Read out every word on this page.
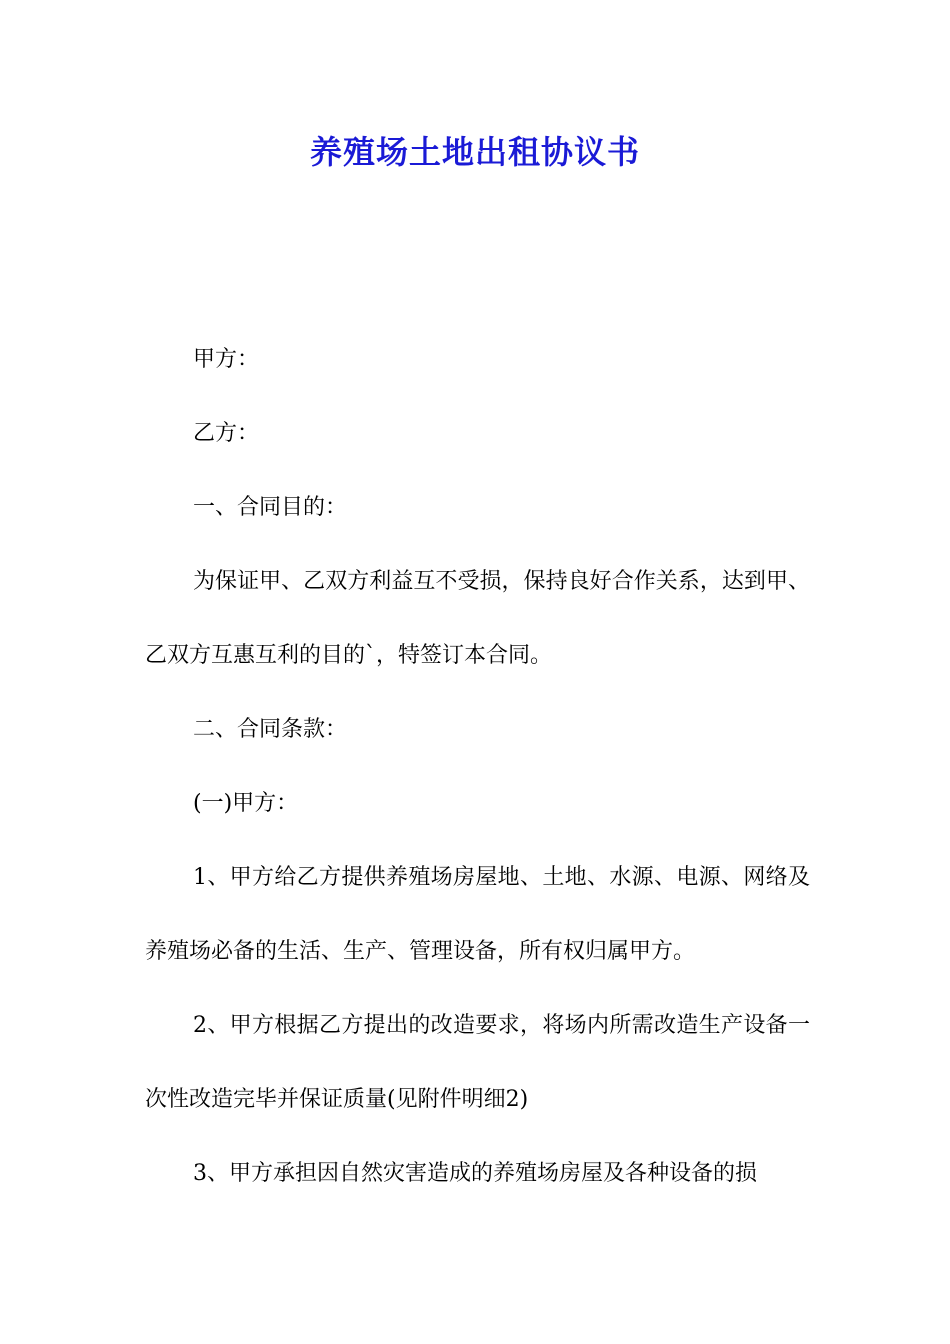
养殖场土地出租协议书

甲方：

乙方：

一、合同目的：

为保证甲、乙双方利益互不受损，保持良好合作关系，达到甲、乙双方互惠互利的目的`，特签订本合同。

二、合同条款：

(一)甲方：

1、甲方给乙方提供养殖场房屋地、土地、水源、电源、网络及养殖场必备的生活、生产、管理设备，所有权归属甲方。

2、甲方根据乙方提出的改造要求，将场内所需改造生产设备一次性改造完毕并保证质量(见附件明细2)

3、甲方承担因自然灾害造成的养殖场房屋及各种设备的损
